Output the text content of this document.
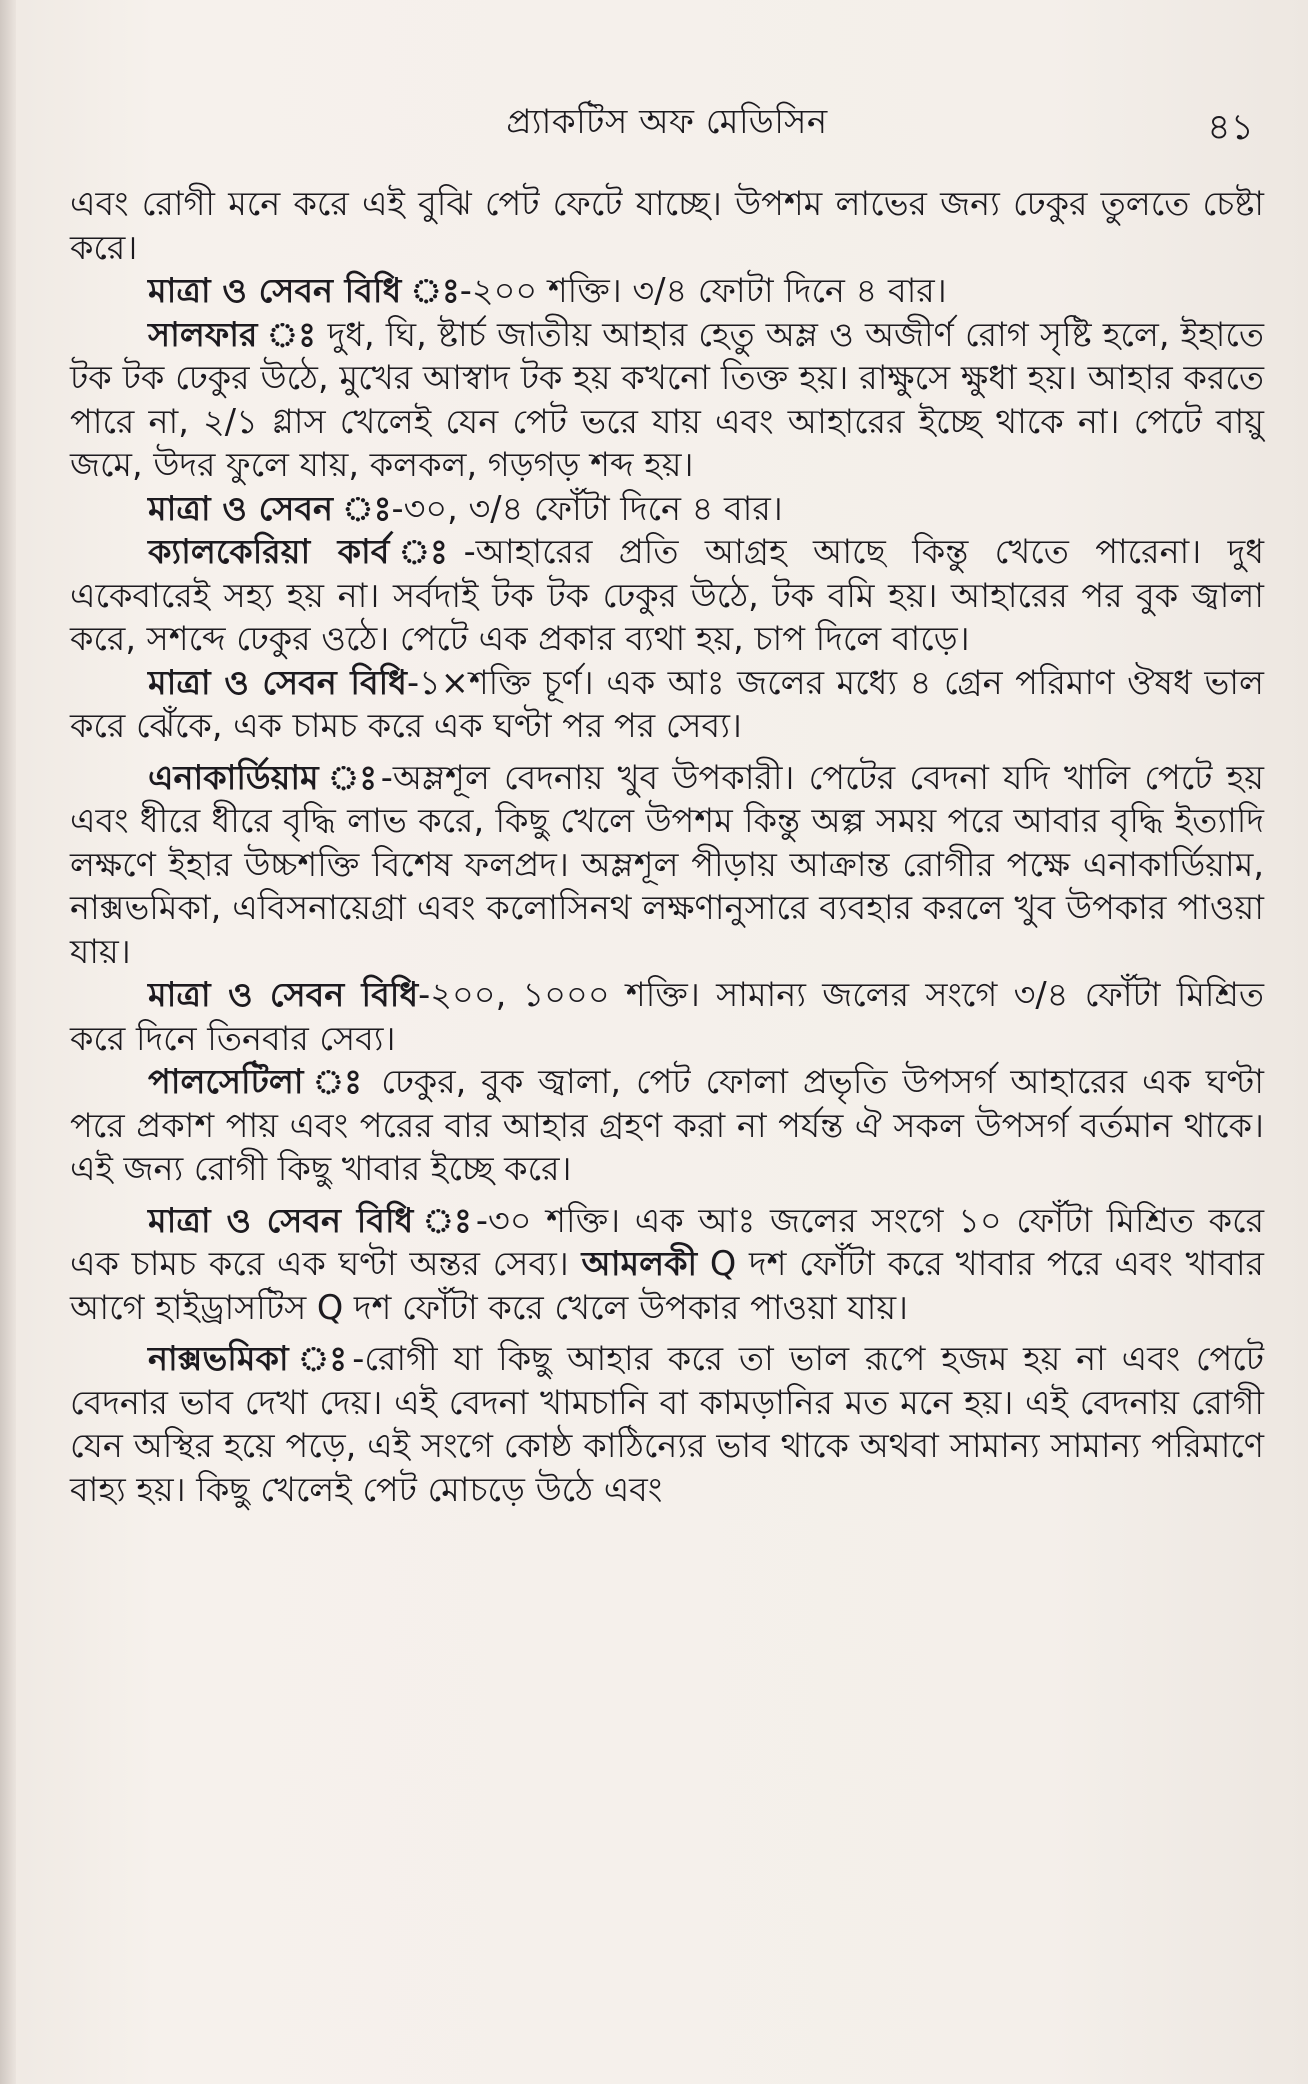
প্র্যাকটিস অফ মেডিসিন	৪১

এবং রোগী মনে করে এই বুঝি পেট ফেটে যাচ্ছে। উপশম লাভের জন্য ঢেকুর তুলতে চেষ্টা করে।

মাত্রা ও সেবন বিধি ঃ-২০০ শক্তি। ৩/৪ ফোটা দিনে ৪ বার।

সালফার ঃ দুধ, ঘি, ষ্টার্চ জাতীয় আহার হেতু অম্ল ও অজীর্ণ রোগ সৃষ্টি হলে, ইহাতে টক টক ঢেকুর উঠে, মুখের আস্বাদ টক হয় কখনো তিক্ত হয়। রাক্ষুসে ক্ষুধা হয়। আহার করতে পারে না, ২/১ গ্লাস খেলেই যেন পেট ভরে যায় এবং আহারের ইচ্ছে থাকে না। পেটে বায়ু জমে, উদর ফুলে যায়, কলকল, গড়গড় শব্দ হয়।

মাত্রা ও সেবন ঃ-৩০, ৩/৪ ফোঁটা দিনে ৪ বার।

ক্যালকেরিয়া কার্ব ঃ-আহারের প্রতি আগ্রহ আছে কিন্তু খেতে পারেনা। দুধ একেবারেই সহ্য হয় না। সর্বদাই টক টক ঢেকুর উঠে, টক বমি হয়। আহারের পর বুক জ্বালা করে, সশব্দে ঢেকুর ওঠে। পেটে এক প্রকার ব্যথা হয়, চাপ দিলে বাড়ে।

মাত্রা ও সেবন বিধি-১×শক্তি চূর্ণ। এক আঃ জলের মধ্যে ৪ গ্রেন পরিমাণ ঔষধ ভাল করে ঝেঁকে, এক চামচ করে এক ঘণ্টা পর পর সেব্য।

এনাকার্ডিয়াম ঃ-অম্লশূল বেদনায় খুব উপকারী। পেটের বেদনা যদি খালি পেটে হয় এবং ধীরে ধীরে বৃদ্ধি লাভ করে, কিছু খেলে উপশম কিন্তু অল্প সময় পরে আবার বৃদ্ধি ইত্যাদি লক্ষণে ইহার উচ্চশক্তি বিশেষ ফলপ্রদ। অম্লশূল পীড়ায় আক্রান্ত রোগীর পক্ষে এনাকার্ডিয়াম, নাক্সভমিকা, এবিসনায়েগ্রা এবং কলোসিনথ লক্ষণানুসারে ব্যবহার করলে খুব উপকার পাওয়া যায়।

মাত্রা ও সেবন বিধি-২০০, ১০০০ শক্তি। সামান্য জলের সংগে ৩/৪ ফোঁটা মিশ্রিত করে দিনে তিনবার সেব্য।

পালসেটিলা ঃ ঢেকুর, বুক জ্বালা, পেট ফোলা প্রভৃতি উপসর্গ আহারের এক ঘণ্টা পরে প্রকাশ পায় এবং পরের বার আহার গ্রহণ করা না পর্যন্ত ঐ সকল উপসর্গ বর্তমান থাকে। এই জন্য রোগী কিছু খাবার ইচ্ছে করে।

মাত্রা ও সেবন বিধি ঃ-৩০ শক্তি। এক আঃ জলের সংগে ১০ ফোঁটা মিশ্রিত করে এক চামচ করে এক ঘণ্টা অন্তর সেব্য। আমলকী Q দশ ফোঁটা করে খাবার পরে এবং খাবার আগে হাইড্রাসটিস Q দশ ফোঁটা করে খেলে উপকার পাওয়া যায়।

নাক্সভমিকা ঃ-রোগী যা কিছু আহার করে তা ভাল রূপে হজম হয় না এবং পেটে বেদনার ভাব দেখা দেয়। এই বেদনা খামচানি বা কামড়ানির মত মনে হয়। এই বেদনায় রোগী যেন অস্থির হয়ে পড়ে, এই সংগে কোষ্ঠ কাঠিন্যের ভাব থাকে অথবা সামান্য সামান্য পরিমাণে বাহ্য হয়। কিছু খেলেই পেট মোচড়ে উঠে এবং
